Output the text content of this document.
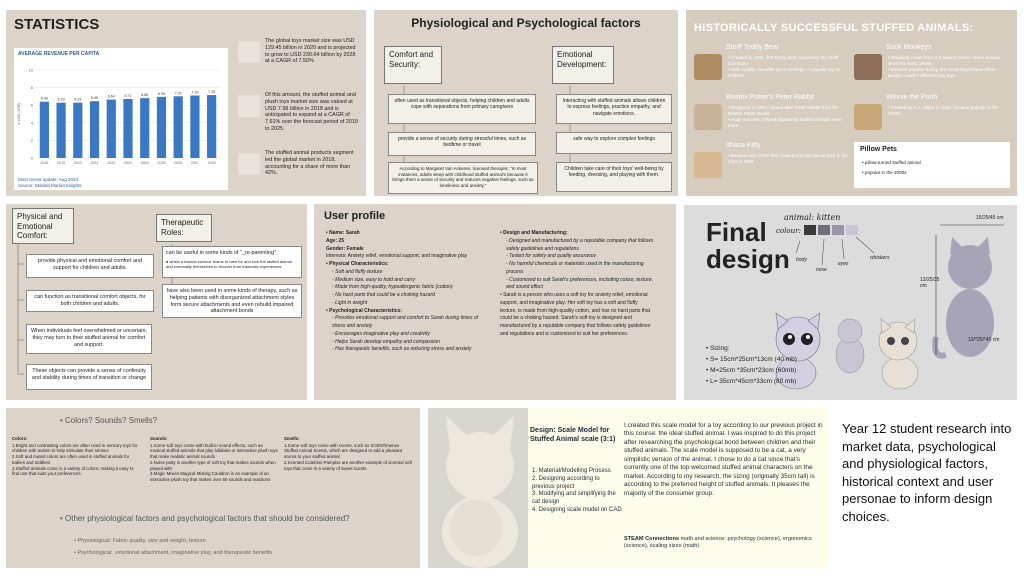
STATISTICS
AVERAGE REVENUE PER CAPITA
10
8
6
4
2
0
in USD (US$)
6.40
2018
6.29
2019
6.29
2020
6.46
2021
6.64
2022
6.71
2023
6.80
2024
6.95
2025
7.01
2026
7.10
2027
7.15
2028
Most recent update: Aug 2023
Source: Statista Market Insights
The global toys market size was USD 129.45 billion in 2020 and is projected to grow to USD 230.64 billion by 2028 at a CAGR of 7.50%
Of this amount, the stuffed animal and plush toys market size was valued at USD 7.98 billion in 2018 and is anticipated to expand at a CAGR of 7.61% over the forecast period of 2019 to 2025.
The stuffed animal products segment led the global market in 2018, accounting for a share of more than 42%.
Physiological and Psychological factors
Comfort and Security:
Emotional Development:
often used as transitional objects, helping children and adults cope with separations from primary caregivers
provide a sense of security during stressful times, such as bedtime or travel
According to Margaret Van Ackeren, licensed therapist, "In most instances, adults sleep with childhood stuffed animal's because it brings them a sense of security and reduces negative feelings, such as loneliness and anxiety."
Interacting with stuffed animals allows children to express feelings, practice empathy, and navigate emotions.
safe way to explore complex feelings
Children take care of their toys' well-being by feeding, dressing, and playing with them.
HISTORICALLY SUCCESSFUL STUFFED ANIMALS:
Steiff Teddy Bear
• Created in 1902, first teddy bear created by the Steiff Company
• Soft, cuddly, movable arms and legs -> popular toy for children
Sock Monkeys
• Originally made from red heeled socks • Seen around since the early 1900s
• Became popular during the Great Depression when people couldn't afford to buy toys
Beatrix Potter's Peter Rabbit
• Designed in 1903, named after Peter Rabbit from the Beatrix Potter books.
• Huge success, helped popularize stuffed animals even more
Winnie the Pooh
• created by A.A. Milne in 1926, became popular in the 1930s
Ithaca Kitty
• Became one of the first mass produced animal toys in the USA in 1892.
Pillow Pets
• pillow-turned stuffed animal
• popular in the 2000s
Physical and Emotional Comfort:
Therapeutic Roles:
provide physical and emotional comfort and support for children and adults.
can function as transitional comfort objects, for both children and adults.
When individuals feel overwhelmed or uncertain, they may turn to their stuffed animal for comfort and support.
These objects can provide a sense of continuity and stability during times of transition or change
can be useful in some kinds of "_re-parenting"
● which a trauma survivor learns to care for and love the stuffed animal and eventually themselves to recover from traumatic experiences
have also been used in some kinds of therapy, such as helping patients with disorganized attachment styles form secure attachments and even rebuild impaired attachment bonds
User profile
• Name: Sarah
Age: 25
Gender: Female
Interests: Anxiety relief, emotional support, and imaginative play
• Physical Characteristics:
◦ Soft and fluffy texture
◦ Medium size, easy to hold and carry
◦ Made from high-quality, hypoallergenic fabric (cotton)
◦ No hard parts that could be a choking hazard
◦ Light in weight
• Psychological Characteristics:
◦ Provides emotional support and comfort to Sarah during times of
stress and anxiety
◦ Encourages imaginative play and creativity
◦ Helps Sarah develop empathy and compassion
◦ Has therapeutic benefits, such as reducing stress and anxiety
• Design and Manufacturing:
◦ Designed and manufactured by a reputable company that follows
safety guidelines and regulations
◦ Tested for safety and quality assurance
◦ No harmful chemicals or materials used in the manufacturing
process
◦ Customized to suit Sarah's preferences, including colour, texture,
and sound effect
• Sarah is a person who uses a soft toy for anxiety relief, emotional
support, and imaginative play. Her soft toy has a soft and fluffy
texture, is made from high-quality cotton, and has no hard parts that
could be a choking hazard. Sarah's soft toy is designed and
manufactured by a reputable company that follows safety guidelines
and regulations and is customized to suit her preferences.
Final
design
animal: kitten
colour:
body
nose
eyes
whiskers
15/25/45 cm
13/25/35 cm
13/*25/*45 cm
• Sizing:
• S= 15cm*25cm*13cm (40 mb)
• M=25cm *35cm*23cm (60mb)
• L= 35cm*45cm*33cm (80 mb)
• Colors? Sounds? Smells?
Colors:
1.Bright and contrasting colors are often used in sensory toys for children with autism to help stimulate their senses
2.Soft and muted colors are often used in stuffed animals for babies and toddlers
3.Stuffed animals come in a variety of colors, making it easy to find one that suits your preferences.
Sounds:
1.Some soft toys come with built-in sound effects, such as musical stuffed animals that play lullabies or interactive plush toys that make realistic animal sounds
2.Noise putty is another type of soft toy that makes sounds when played with
3.Magic Mixies Magical Misting Cauldron is an example of an interactive plush toy that makes over 50 sounds and reactions
Smells:
1.Some soft toys come with scents, such as SCENTimenes Stuffed Animal Scents, which are designed to add a pleasant aroma to your stuffed animal
2.Scented Cuteblox Pamplox are another example of scented soft toys that come in a variety of sweet scents
• Other physiological factors and psychological factors that should be considered?
• Physiological: Fabric quality, size and weight, texture.
• Psychological: ,emotional attachment, imaginative play, and therapeutic benefits
Design: Scale Model for Stuffed Animal scale (3:1)
1. Material/Modelling Process
2. Designing according to previous project
3. Modifying and simplifying the cat design
4. Designing scale model on CAD
I created this scale model for a toy according to our previous project in this course: the ideal stuffed animal. I was inspired to do this project after researching the psychological bond between children and their stuffed animals. The scale model is supposed to be a cat, a very simplistic version of the animal. I chose to do a cat since that's currently one of the top welcomed stuffed animal characters on the market. According to my research, the sizing (originally 35cm tall) is according to the preferred height of stuffed animals. It pleases the majority of the consumer group.
STEAM Connections math and science: psychology (science), ergonomics (science), scaling sizes (math)
Year 12 student research into market data, psychological and physiological factors, historical context and user personae to inform design choices.
